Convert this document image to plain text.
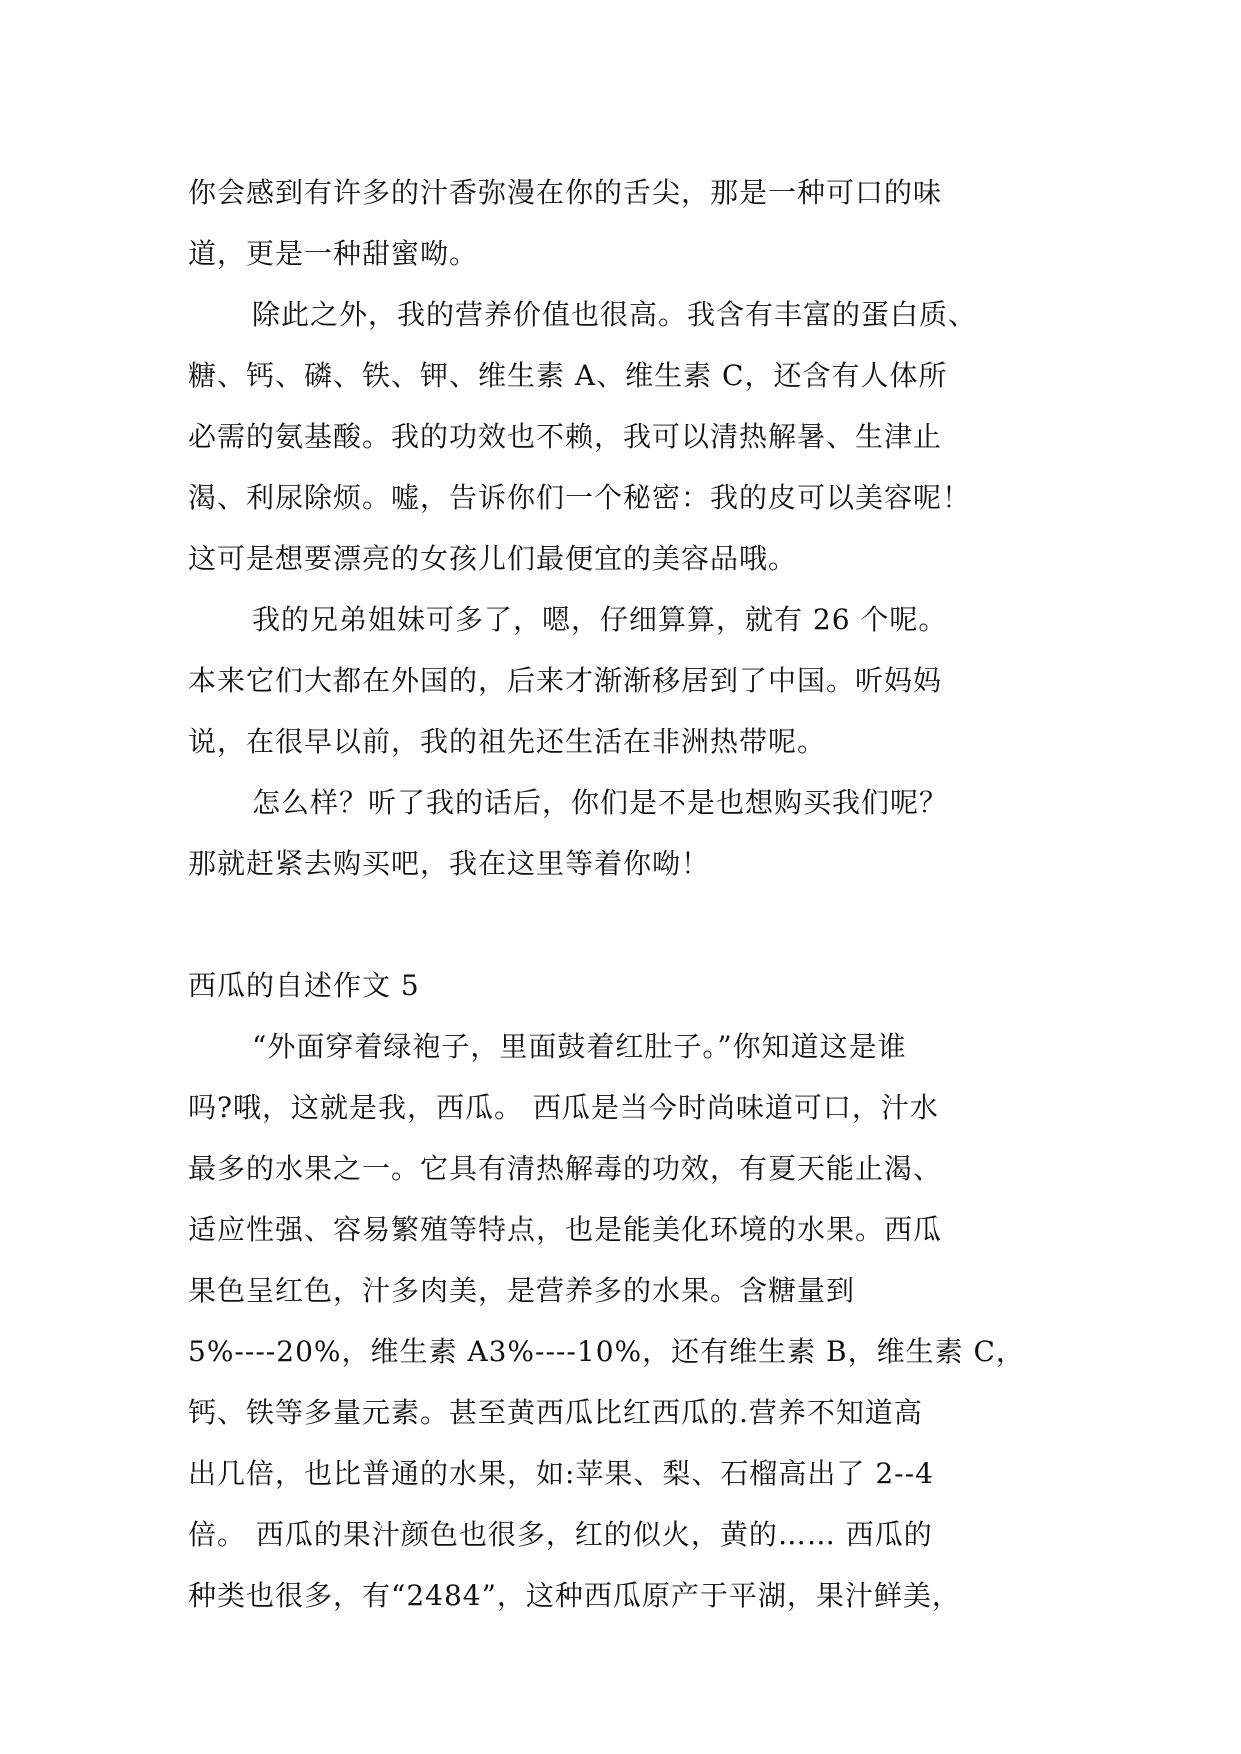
你会感到有许多的汁香弥漫在你的舌尖，那是一种可口的味
道，更是一种甜蜜呦。
除此之外，我的营养价值也很高。我含有丰富的蛋白质、
糖、钙、磷、铁、钾、维生素 A、维生素 C，还含有人体所
必需的氨基酸。我的功效也不赖，我可以清热解暑、生津止
渴、利尿除烦。嘘，告诉你们一个秘密：我的皮可以美容呢！
这可是想要漂亮的女孩儿们最便宜的美容品哦。
我的兄弟姐妹可多了，嗯，仔细算算，就有 26 个呢。
本来它们大都在外国的，后来才渐渐移居到了中国。听妈妈
说，在很早以前，我的祖先还生活在非洲热带呢。
怎么样？听了我的话后，你们是不是也想购买我们呢？
那就赶紧去购买吧，我在这里等着你呦！
西瓜的自述作文 5
“外面穿着绿袍子，里面鼓着红肚子。”你知道这是谁
吗?哦，这就是我，西瓜。 西瓜是当今时尚味道可口，汁水
最多的水果之一。它具有清热解毒的功效，有夏天能止渴、
适应性强、容易繁殖等特点，也是能美化环境的水果。西瓜
果色呈红色，汁多肉美，是营养多的水果。含糖量到
5%----20%，维生素 A3%----10%，还有维生素 B，维生素 C，
钙、铁等多量元素。甚至黄西瓜比红西瓜的.营养不知道高
出几倍，也比普通的水果，如:苹果、梨、石榴高出了 2--4
倍。 西瓜的果汁颜色也很多，红的似火，黄的…… 西瓜的
种类也很多，有“2484”，这种西瓜原产于平湖，果汁鲜美，
